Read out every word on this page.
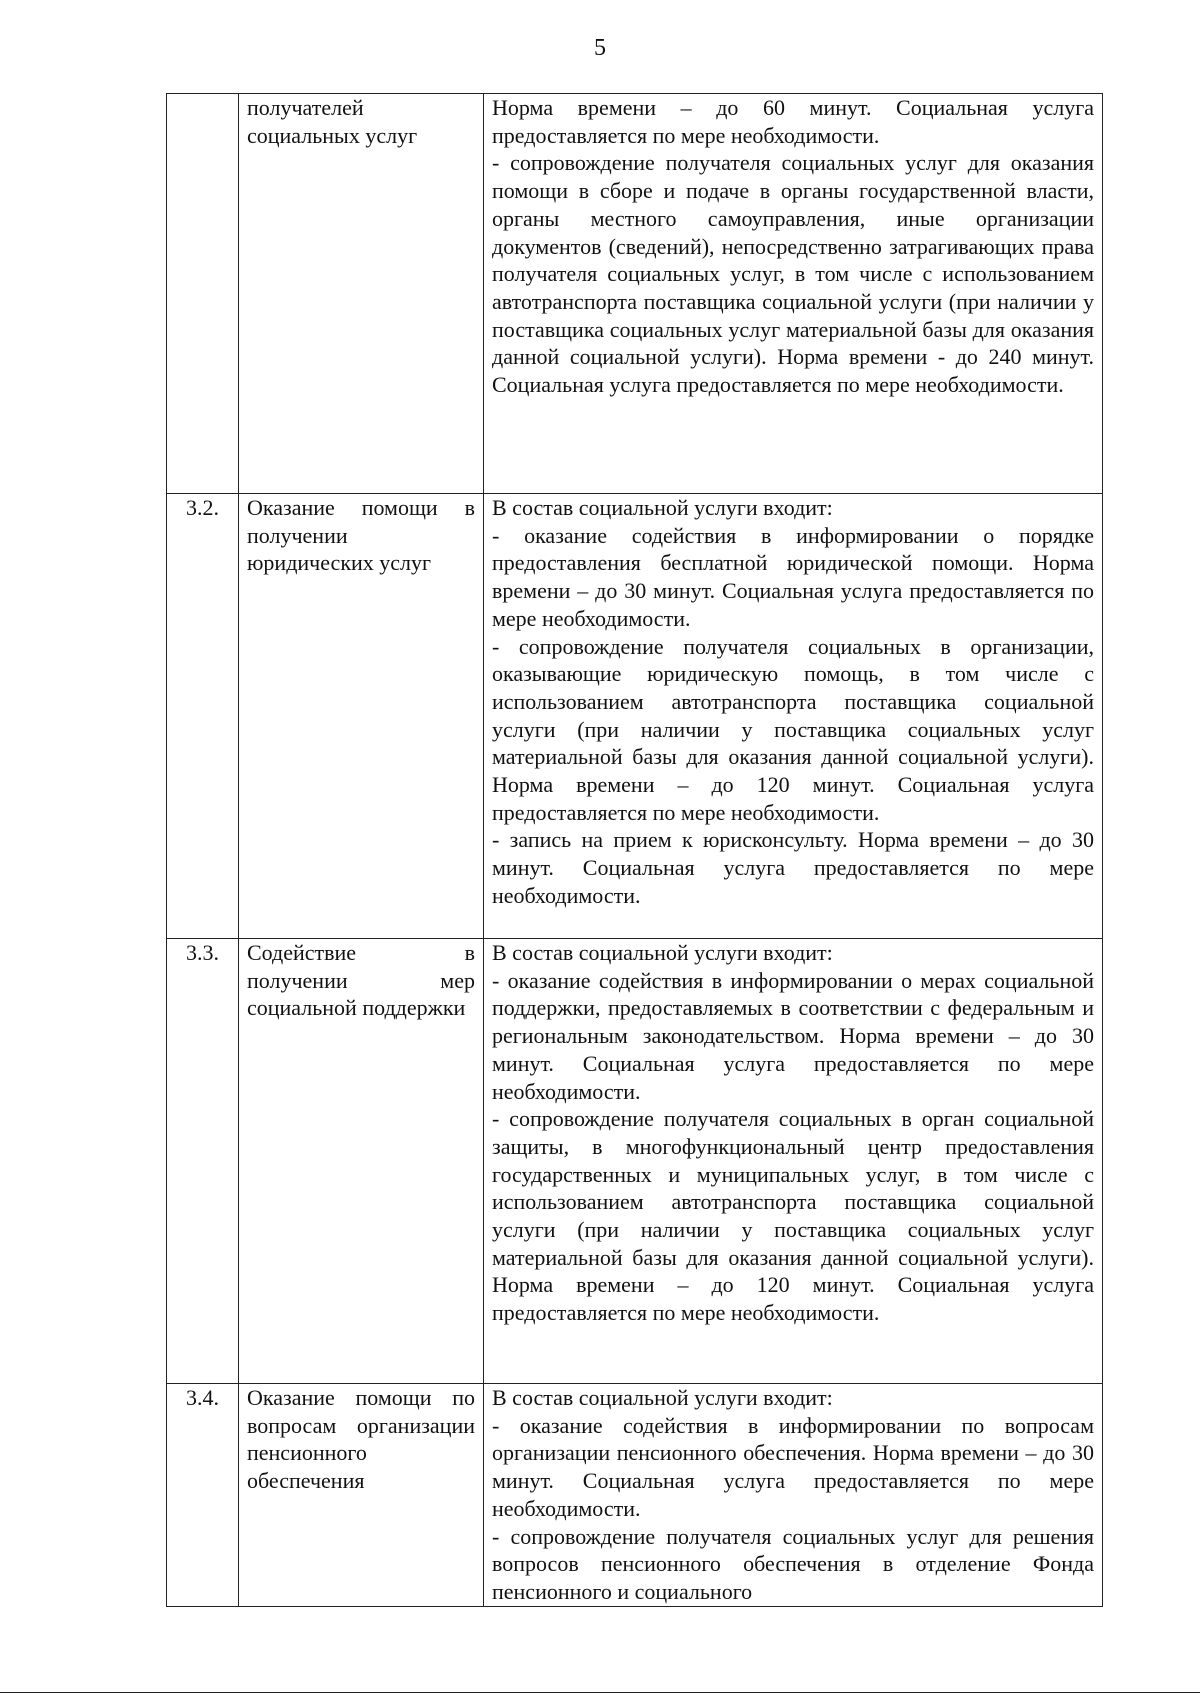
5
	получателей социальных услуг	Норма времени – до 60 минут. Социальная услуга предоставляется по мере необходимости.

- сопровождение получателя социальных услуг для оказания помощи в сборе и подаче в органы государственной власти, органы местного самоуправления, иные организации документов (сведений), непосредственно затрагивающих права получателя социальных услуг, в том числе с использованием автотранспорта поставщика социальной услуги (при наличии у поставщика социальных услуг материальной базы для оказания данной социальной услуги). Норма времени - до 240 минут. Социальная услуга предоставляется по мере необходимости.

3.2.	Оказание помощи в получении юридических услуг	В состав социальной услуги входит:

- оказание содействия в информировании о порядке предоставления бесплатной юридической помощи. Норма времени – до 30 минут. Социальная услуга предоставляется по мере необходимости.

- сопровождение получателя социальных в организации, оказывающие юридическую помощь, в том числе с использованием автотранспорта поставщика социальной услуги (при наличии у поставщика социальных услуг материальной базы для оказания данной социальной услуги). Норма времени – до 120 минут. Социальная услуга предоставляется по мере необходимости.

- запись на прием к юрисконсульту. Норма времени – до 30 минут. Социальная услуга предоставляется по мере необходимости.

3.3.	Содействие в получении мер социальной поддержки	В состав социальной услуги входит:

- оказание содействия в информировании о мерах социальной поддержки, предоставляемых в соответствии с федеральным и региональным законодательством. Норма времени – до 30 минут. Социальная услуга предоставляется по мере необходимости.

- сопровождение получателя социальных в орган социальной защиты, в многофункциональный центр предоставления государственных и муниципальных услуг, в том числе с использованием автотранспорта поставщика социальной услуги (при наличии у поставщика социальных услуг материальной базы для оказания данной социальной услуги). Норма времени – до 120 минут. Социальная услуга предоставляется по мере необходимости.

3.4.	Оказание помощи по вопросам организации пенсионного обеспечения	В состав социальной услуги входит:

- оказание содействия в информировании по вопросам организации пенсионного обеспечения. Норма времени – до 30 минут. Социальная услуга предоставляется по мере необходимости.

- сопровождение получателя социальных услуг для решения вопросов пенсионного обеспечения в отделение Фонда пенсионного и социального
